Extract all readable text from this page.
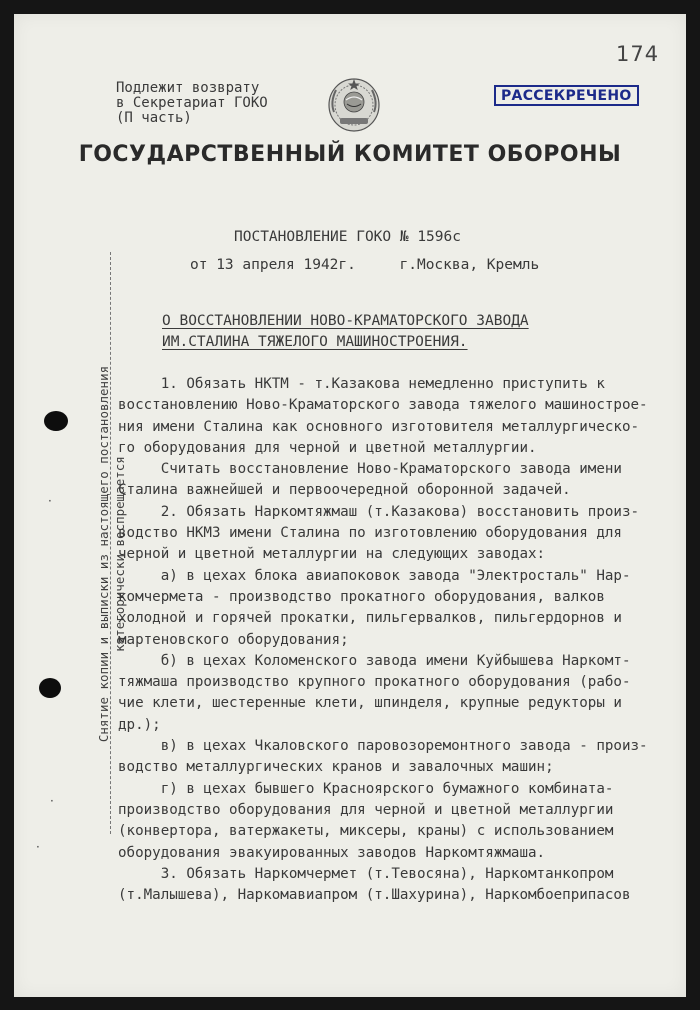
174
Подлежит возврату
в Секретариат ГОКО
(П часть)
РАССЕКРЕЧЕНО
ГОСУДАРСТВЕННЫЙ КОМИТЕТ ОБОРОНЫ
ПОСТАНОВЛЕНИЕ ГОКО № 1596с
от 13 апреля 1942г.     г.Москва, Кремль
О ВОССТАНОВЛЕНИИ НОВО-КРАМАТОРСКОГО ЗАВОДА
ИМ.СТАЛИНА ТЯЖЕЛОГО МАШИНОСТРОЕНИЯ.
Снятие копии и выписки из настоящего постановления категорически воспрещается
·
·
·
1. Обязать НКТМ - т.Казакова немедленно приступить к
восстановлению Ново-Краматорского завода тяжелого машиностроe-
ния имени Сталина как основного изготовителя металлургическо-
го оборудования для черной и цветной металлургии.
Считать восстановление Ново-Краматорского завода имени
Сталина важнейшей и первоочередной оборонной задачей.
2. Обязать Наркомтяжмаш (т.Казакова) восстановить произ-
водство НКМЗ имени Сталина по изготовлению оборудования для
черной и цветной металлургии на следующих заводах:
а) в цехах блока авиапоковок завода "Электросталь" Нар-
комчермета - производство прокатного оборудования, валков
холодной и горячей прокатки, пильгервалков, пильгердорнов и
мартеновского оборудования;
б) в цехах Коломенского завода имени Куйбышева Наркомт-
тяжмаша производство крупного прокатного оборудования (рабо-
чие клети, шестеренные клети, шпинделя, крупные редукторы и
др.);
в) в цехах Чкаловского паровозоремонтного завода - произ-
водство металлургических кранов и завалочных машин;
г) в цехах бывшего Красноярского бумажного комбината-
производство оборудования для черной и цветной металлургии
(конвертора, ватержакеты, миксеры, краны) с использованием
оборудования эвакуированных заводов Наркомтяжмаша.
3. Обязать Наркомчермет (т.Тевосяна), Наркомтанкопром
(т.Малышева), Наркомавиапром (т.Шахурина), Наркомбоеприпасов
